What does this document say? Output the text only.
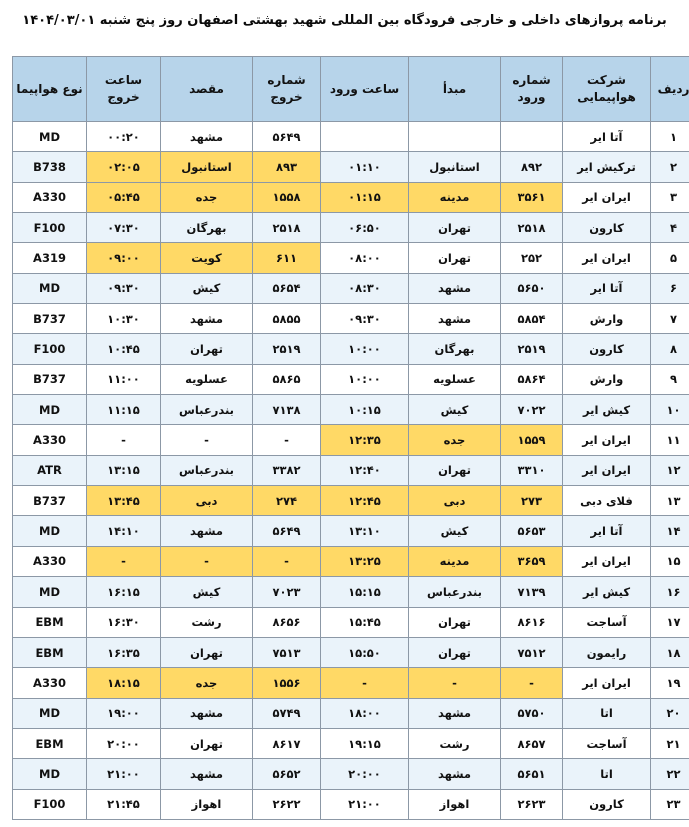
برنامه پروازهای داخلی و خارجی فرودگاه بین المللی شهید بهشتی اصفهان روز پنج شنبه ۱۴۰۴/۰۳/۰۱
ردیف	شرکت هواپیمایی	شماره ورود	مبدأ	ساعت ورود	شماره خروج	مقصد	ساعت خروج	نوع هواپیما
۱	آتا ایر				۵۶۴۹	مشهد	۰۰:۲۰	MD
۲	ترکیش ایر	۸۹۲	استانبول	۰۱:۱۰	۸۹۳	استانبول	۰۲:۰۵	B738
۳	ایران ایر	۳۵۶۱	مدینه	۰۱:۱۵	۱۵۵۸	جده	۰۵:۴۵	A330
۴	کارون	۲۵۱۸	تهران	۰۶:۵۰	۲۵۱۸	بهرگان	۰۷:۳۰	F100
۵	ایران ایر	۲۵۲	تهران	۰۸:۰۰	۶۱۱	کویت	۰۹:۰۰	A319
۶	آتا ایر	۵۶۵۰	مشهد	۰۸:۳۰	۵۶۵۴	کیش	۰۹:۳۰	MD
۷	وارش	۵۸۵۴	مشهد	۰۹:۳۰	۵۸۵۵	مشهد	۱۰:۳۰	B737
۸	کارون	۲۵۱۹	بهرگان	۱۰:۰۰	۲۵۱۹	تهران	۱۰:۴۵	F100
۹	وارش	۵۸۶۴	عسلویه	۱۰:۰۰	۵۸۶۵	عسلویه	۱۱:۰۰	B737
۱۰	کیش ایر	۷۰۲۲	کیش	۱۰:۱۵	۷۱۳۸	بندرعباس	۱۱:۱۵	MD
۱۱	ایران ایر	۱۵۵۹	جده	۱۲:۳۵	-	-	-	A330
۱۲	ایران ایر	۳۳۱۰	تهران	۱۲:۴۰	۳۳۸۲	بندرعباس	۱۳:۱۵	ATR
۱۳	فلای دبی	۲۷۳	دبی	۱۲:۴۵	۲۷۴	دبی	۱۳:۴۵	B737
۱۴	آتا ایر	۵۶۵۳	کیش	۱۳:۱۰	۵۶۴۹	مشهد	۱۴:۱۰	MD
۱۵	ایران ایر	۳۶۵۹	مدینه	۱۳:۲۵	-	-	-	A330
۱۶	کیش ایر	۷۱۳۹	بندرعباس	۱۵:۱۵	۷۰۲۳	کیش	۱۶:۱۵	MD
۱۷	آساجت	۸۶۱۶	تهران	۱۵:۴۵	۸۶۵۶	رشت	۱۶:۳۰	EBM
۱۸	رایمون	۷۵۱۲	تهران	۱۵:۵۰	۷۵۱۳	تهران	۱۶:۳۵	EBM
۱۹	ایران ایر	-	-	-	۱۵۵۶	جده	۱۸:۱۵	A330
۲۰	اتا	۵۷۵۰	مشهد	۱۸:۰۰	۵۷۴۹	مشهد	۱۹:۰۰	MD
۲۱	آساجت	۸۶۵۷	رشت	۱۹:۱۵	۸۶۱۷	تهران	۲۰:۰۰	EBM
۲۲	اتا	۵۶۵۱	مشهد	۲۰:۰۰	۵۶۵۲	مشهد	۲۱:۰۰	MD
۲۳	کارون	۲۶۲۳	اهواز	۲۱:۰۰	۲۶۲۲	اهواز	۲۱:۴۵	F100
